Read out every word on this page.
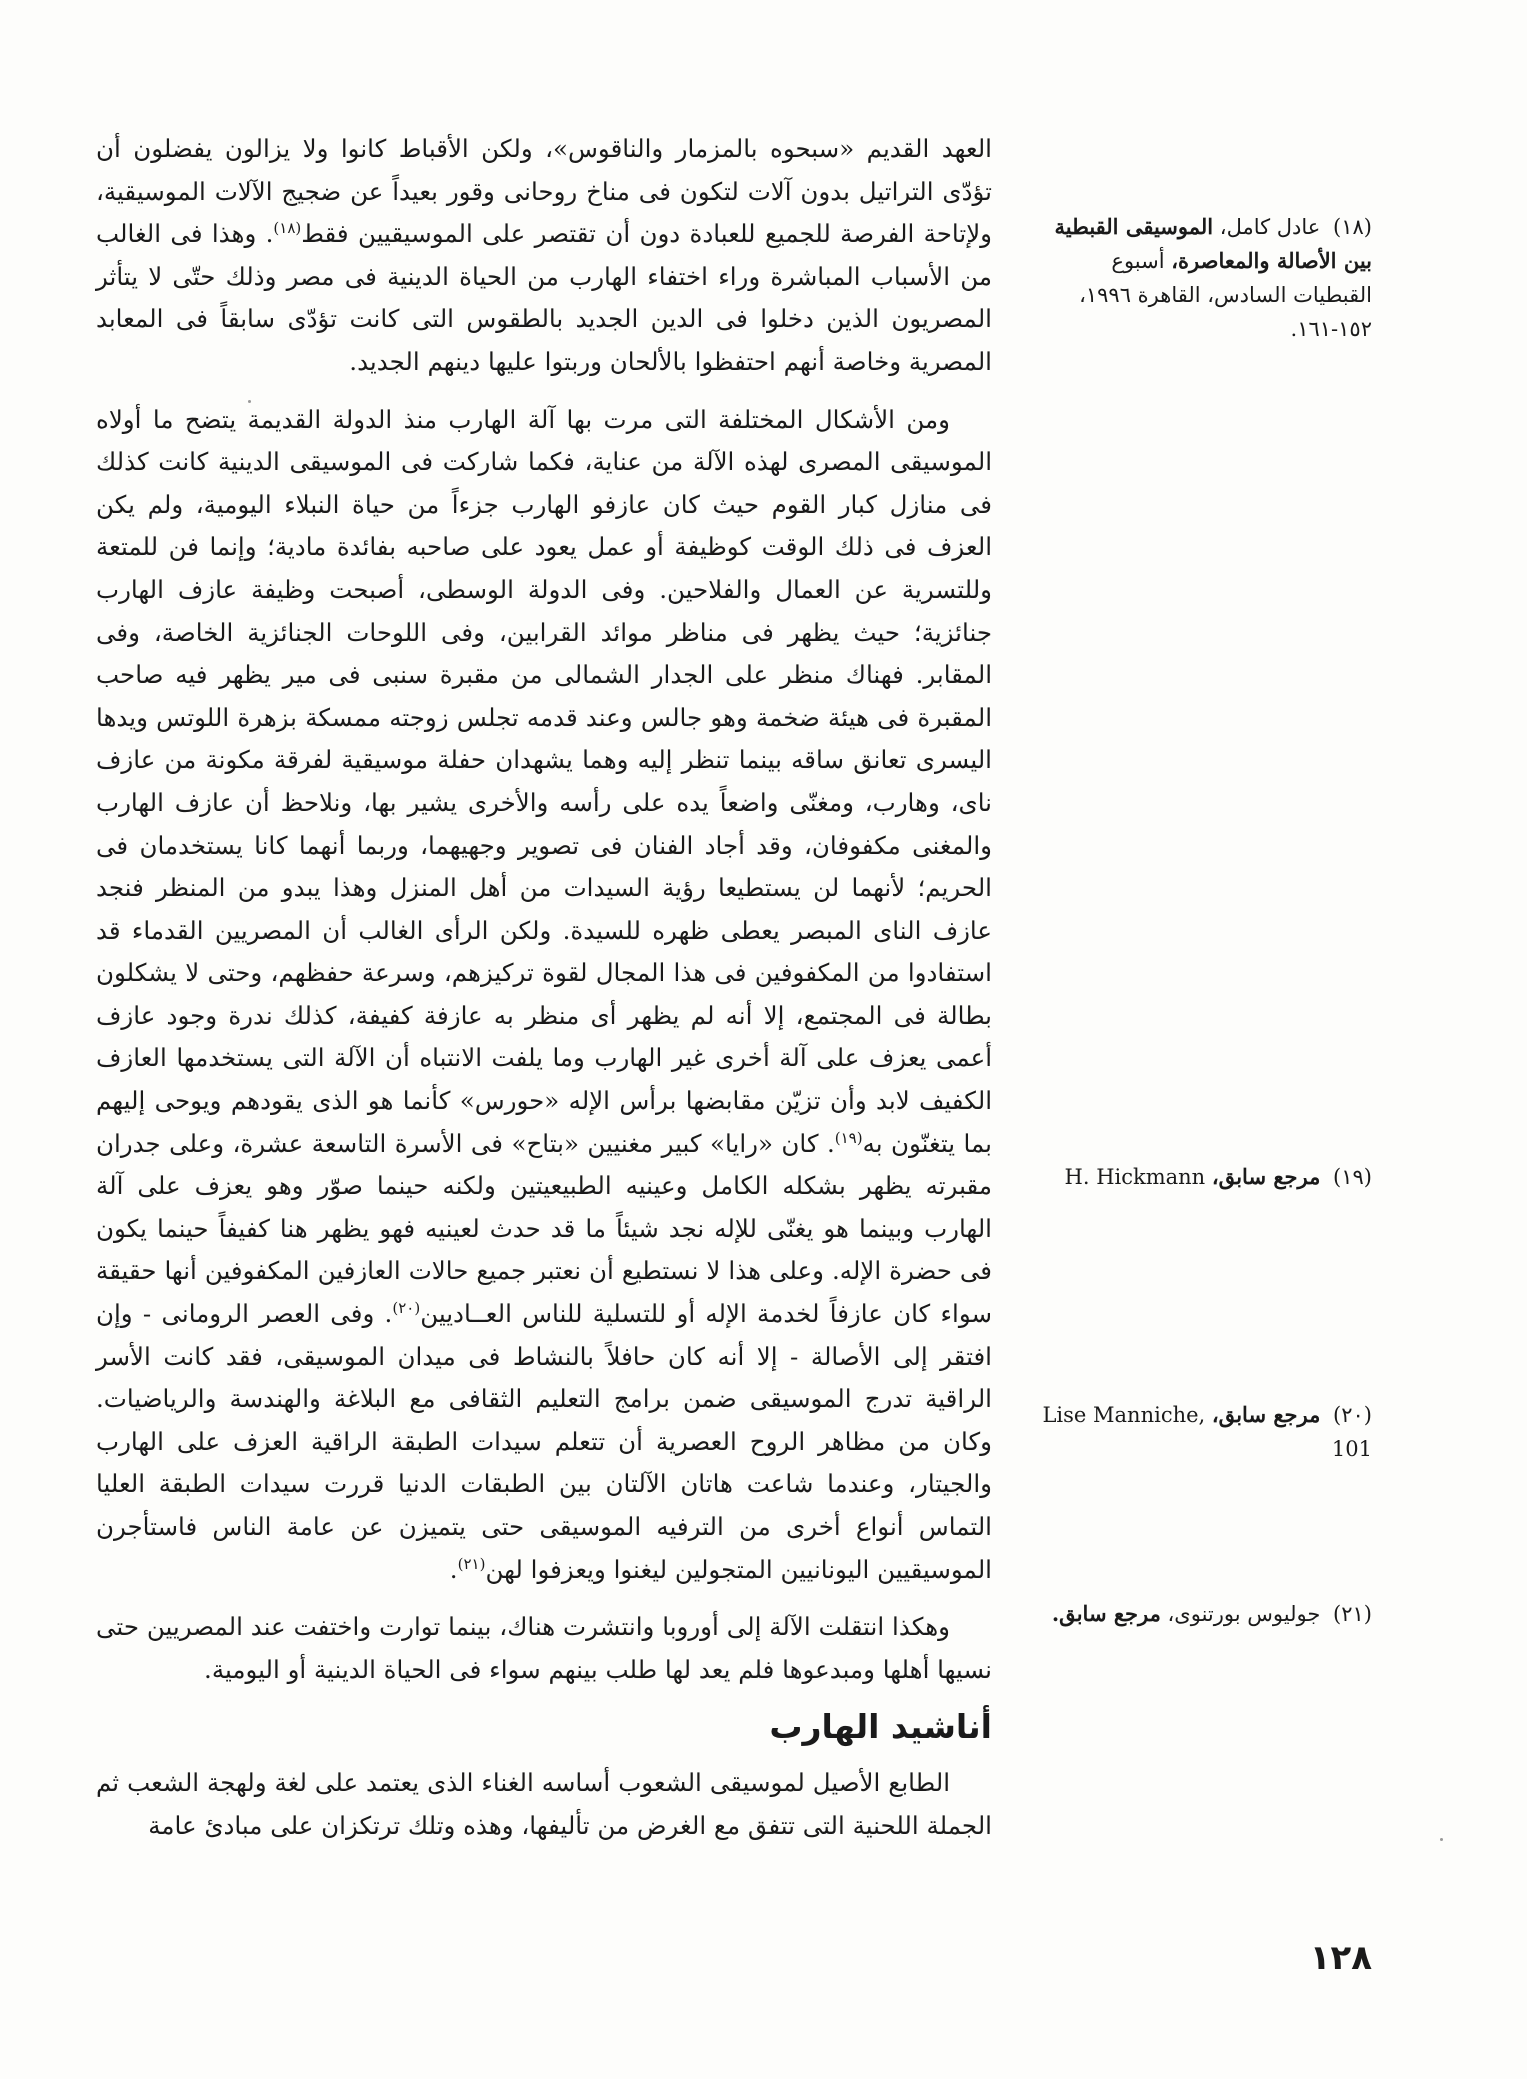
العهد القديم «سبحوه بالمزمار والناقوس»، ولكن الأقباط كانوا ولا يزالون يفضلون أن تؤدّى التراتيل بدون آلات لتكون فى مناخ روحانى وقور بعيداً عن ضجيج الآلات الموسيقية، ولإتاحة الفرصة للجميع للعبادة دون أن تقتصر على الموسيقيين فقط$^{(١٨)}$. وهذا فى الغالب من الأسباب المباشرة وراء اختفاء الهارب من الحياة الدينية فى مصر وذلك حتّى لا يتأثر المصريون الذين دخلوا فى الدين الجديد بالطقوس التى كانت تؤدّى سابقاً فى المعابد المصرية وخاصة أنهم احتفظوا بالألحان وربتوا عليها دينهم الجديد.

ومن الأشكال المختلفة التى مرت بها آلة الهارب منذ الدولة القديمة يتضح ما أولاه الموسيقى المصرى لهذه الآلة من عناية، فكما شاركت فى الموسيقى الدينية كانت كذلك فى منازل كبار القوم حيث كان عازفو الهارب جزءاً من حياة النبلاء اليومية، ولم يكن العزف فى ذلك الوقت كوظيفة أو عمل يعود على صاحبه بفائدة مادية؛ وإنما فن للمتعة وللتسرية عن العمال والفلاحين. وفى الدولة الوسطى، أصبحت وظيفة عازف الهارب جنائزية؛ حيث يظهر فى مناظر موائد القرابين، وفى اللوحات الجنائزية الخاصة، وفى المقابر. فهناك منظر على الجدار الشمالى من مقبرة سنبى فى مير يظهر فيه صاحب المقبرة فى هيئة ضخمة وهو جالس وعند قدمه تجلس زوجته ممسكة بزهرة اللوتس ويدها اليسرى تعانق ساقه بينما تنظر إليه وهما يشهدان حفلة موسيقية لفرقة مكونة من عازف ناى، وهارب، ومغنّى واضعاً يده على رأسه والأخرى يشير بها، ونلاحظ أن عازف الهارب والمغنى مكفوفان، وقد أجاد الفنان فى تصوير وجهيهما، وربما أنهما كانا يستخدمان فى الحريم؛ لأنهما لن يستطيعا رؤية السيدات من أهل المنزل وهذا يبدو من المنظر فنجد عازف الناى المبصر يعطى ظهره للسيدة. ولكن الرأى الغالب أن المصريين القدماء قد استفادوا من المكفوفين فى هذا المجال لقوة تركيزهم، وسرعة حفظهم، وحتى لا يشكلون بطالة فى المجتمع، إلا أنه لم يظهر أى منظر به عازفة كفيفة، كذلك ندرة وجود عازف أعمى يعزف على آلة أخرى غير الهارب وما يلفت الانتباه أن الآلة التى يستخدمها العازف الكفيف لابد وأن تزيّن مقابضها برأس الإله «حورس» كأنما هو الذى يقودهم ويوحى إليهم بما يتغنّون به$^{(١٩)}$. كان «رايا» كبير مغنيين «بتاح» فى الأسرة التاسعة عشرة، وعلى جدران مقبرته يظهر بشكله الكامل وعينيه الطبيعيتين ولكنه حينما صوّر وهو يعزف على آلة الهارب وبينما هو يغنّى للإله نجد شيئاً ما قد حدث لعينيه فهو يظهر هنا كفيفاً حينما يكون فى حضرة الإله. وعلى هذا لا نستطيع أن نعتبر جميع حالات العازفين المكفوفين أنها حقيقة سواء كان عازفاً لخدمة الإله أو للتسلية للناس العــاديين$^{(٢٠)}$. وفى العصر الرومانى - وإن افتقر إلى الأصالة - إلا أنه كان حافلاً بالنشاط فى ميدان الموسيقى، فقد كانت الأسر الراقية تدرج الموسيقى ضمن برامج التعليم الثقافى مع البلاغة والهندسة والرياضيات. وكان من مظاهر الروح العصرية أن تتعلم سيدات الطبقة الراقية العزف على الهارب والجيتار، وعندما شاعت هاتان الآلتان بين الطبقات الدنيا قررت سيدات الطبقة العليا التماس أنواع أخرى من الترفيه الموسيقى حتى يتميزن عن عامة الناس فاستأجرن الموسيقيين اليونانيين المتجولين ليغنوا ويعزفوا لهن$^{(٢١)}$.

وهكذا انتقلت الآلة إلى أوروبا وانتشرت هناك، بينما توارت واختفت عند المصريين حتى نسيها أهلها ومبدعوها فلم يعد لها طلب بينهم سواء فى الحياة الدينية أو اليومية.

أناشيد الهارب

الطابع الأصيل لموسيقى الشعوب أساسه الغناء الذى يعتمد على لغة ولهجة الشعب ثم الجملة اللحنية التى تتفق مع الغرض من تأليفها، وهذه وتلك ترتكزان على مبادئ عامة

(١٨) عادل كامل، الموسيقى القبطية بين الأصالة والمعاصرة، أسبوع القبطيات السادس، القاهرة ١٩٩٦، ١٥٢-١٦١.
(١٩) مرجع سابق، H. Hickmann
(٢٠) مرجع سابق، Lise Manniche, 101
(٢١) جوليوس بورتنوى، مرجع سابق.
١٢٨
